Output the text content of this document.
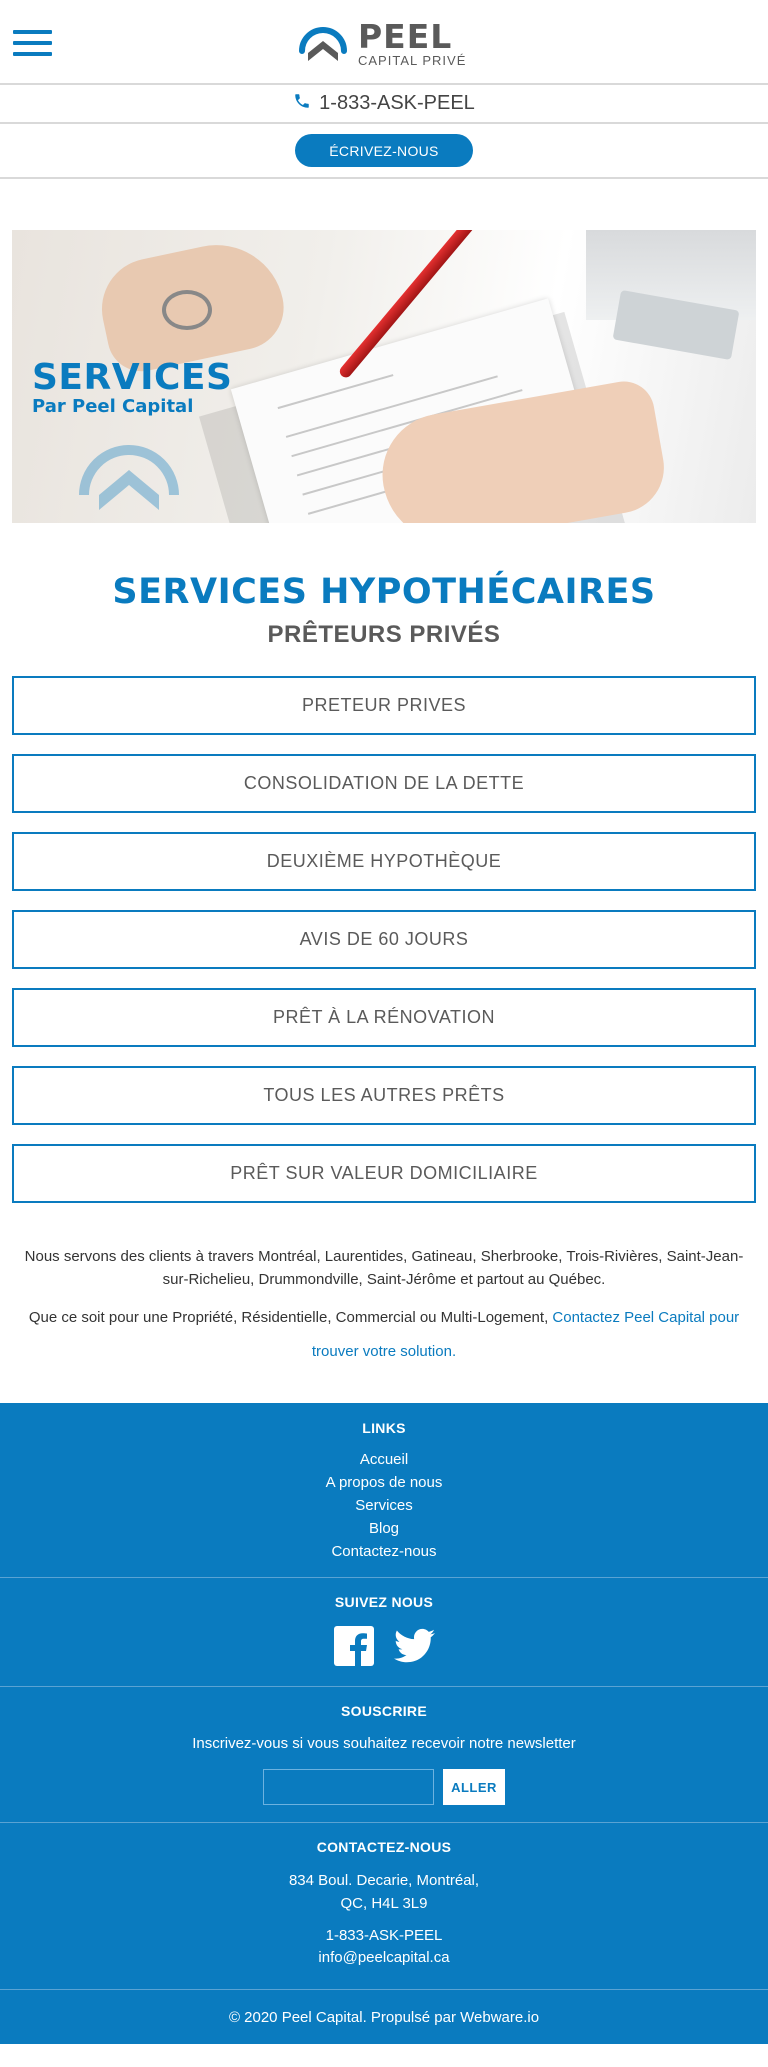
PEEL
CAPITAL PRIVÉ
1-833-ASK-PEEL
ÉCRIVEZ-NOUS
SERVICES
Par Peel Capital
SERVICES HYPOTHÉCAIRES
PRÊTEURS PRIVÉS
PRETEUR PRIVES
CONSOLIDATION DE LA DETTE
DEUXIÈME HYPOTHÈQUE
AVIS DE 60 JOURS
PRÊT À LA RÉNOVATION
TOUS LES AUTRES PRÊTS
PRÊT SUR VALEUR DOMICILIAIRE

Nous servons des clients à travers Montréal, Laurentides, Gatineau, Sherbrooke, Trois-Rivières, Saint-Jean-sur-Richelieu, Drummondville, Saint-Jérôme et partout au Québec.

Que ce soit pour une Propriété, Résidentielle, Commercial ou Multi-Logement, Contactez Peel Capital pour trouver votre solution.

LINKS
Accueil
A propos de nous
Services
Blog
Contactez-nous
SUIVEZ NOUS
SOUSCRIRE
Inscrivez-vous si vous souhaitez recevoir notre newsletter
ALLER
CONTACTEZ-NOUS
834 Boul. Decarie, Montréal,
QC, H4L 3L9
1-833-ASK-PEEL
info@peelcapital.ca
© 2020 Peel Capital. Propulsé par Webware.io
